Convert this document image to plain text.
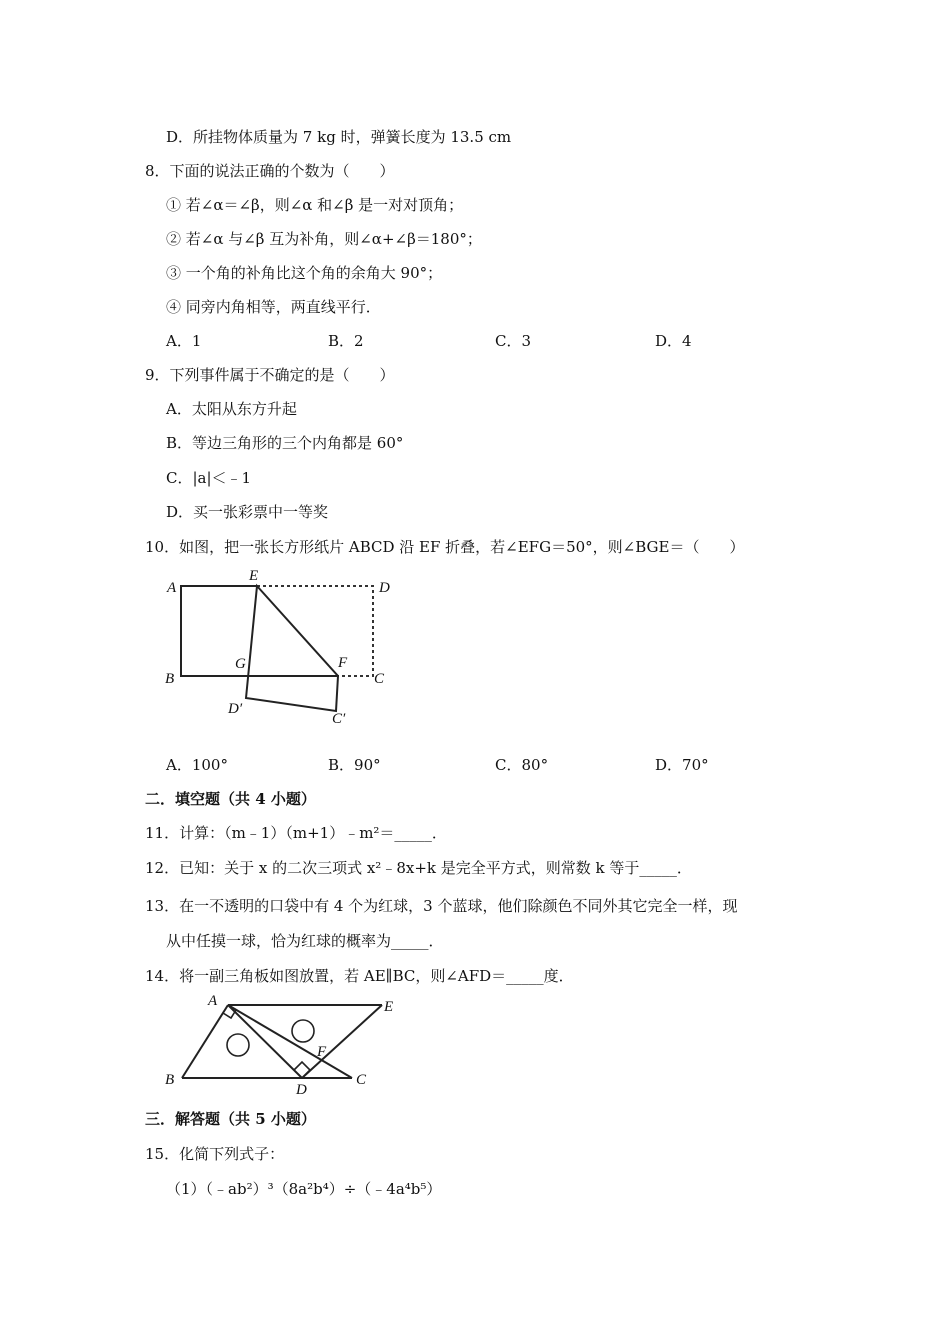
D．所挂物体质量为 7 kg 时，弹簧长度为 13.5 cm
8．下面的说法正确的个数为（　　）
① 若∠α＝∠β，则∠α 和∠β 是一对对顶角；
② 若∠α 与∠β 互为补角，则∠α+∠β＝180°；
③ 一个角的补角比这个角的余角大 90°；
④ 同旁内角相等，两直线平行．
A．1	B．2	C．3	D．4
9．下列事件属于不确定的是（　　）
A．太阳从东方升起
B．等边三角形的三个内角都是 60°
C．|a|＜﹣1
D．买一张彩票中一等奖
10．如图，把一张长方形纸片 ABCD 沿 EF 折叠，若∠EFG＝50°，则∠BGE＝（　　）
A
E
D
B
G	F
C
D′
C′
A．100°	B．90°	C．80°	D．70°
二．填空题（共 4 小题）
11．计算：（m﹣1）（m+1）﹣m²＝_____．
12．已知：关于 x 的二次三项式 x²﹣8x+k 是完全平方式，则常数 k 等于_____．
13．在一不透明的口袋中有 4 个为红球，3 个蓝球，他们除颜色不同外其它完全一样，现
从中任摸一球，恰为红球的概率为_____．
14．将一副三角板如图放置，若 AE∥BC，则∠AFD＝_____度．
A	E
F
B
D
C
三．解答题（共 5 小题）
15．化简下列式子：
（1）（﹣ab²）³（8a²b⁴）÷（﹣4a⁴b⁵）
